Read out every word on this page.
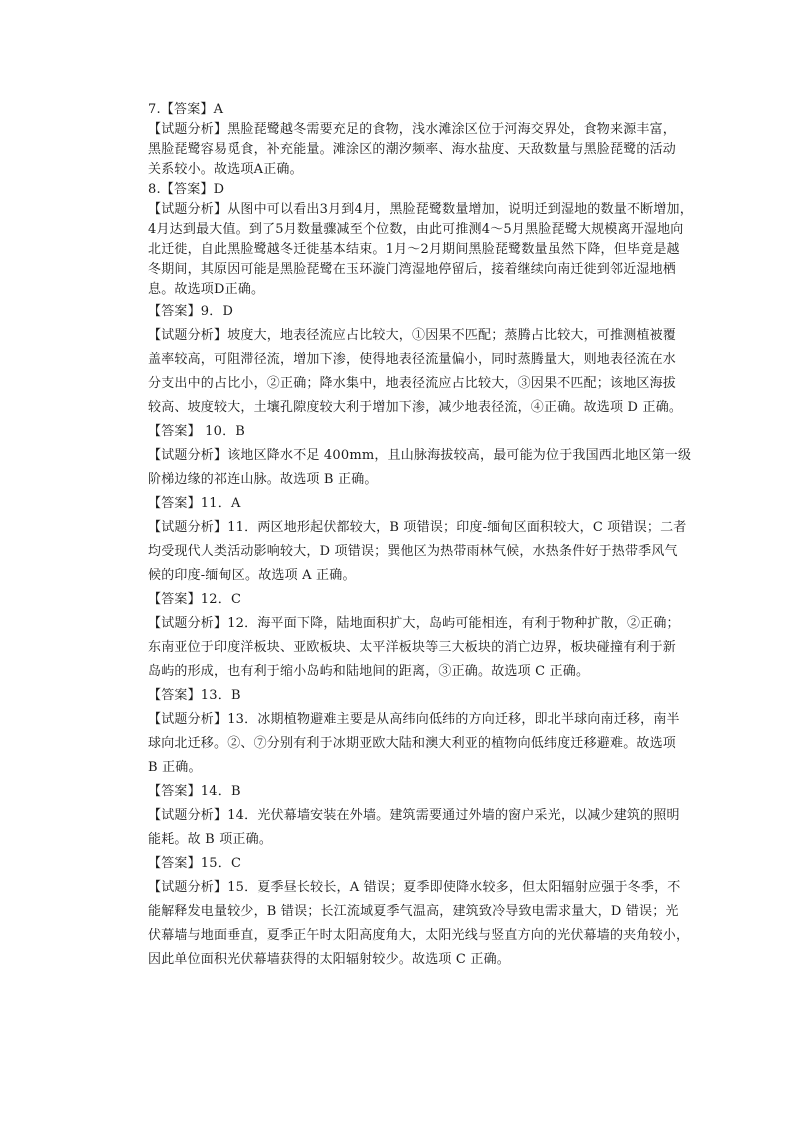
7.【答案】A
【试题分析】黑脸琵鹭越冬需要充足的食物，浅水滩涂区位于河海交界处，食物来源丰富，
黑脸琵鹭容易觅食，补充能量。滩涂区的潮汐频率、海水盐度、天敌数量与黑脸琵鹭的活动
关系较小。故选项A正确。
8.【答案】D
【试题分析】从图中可以看出3月到4月，黑脸琵鹭数量增加，说明迁到湿地的数量不断增加，
4月达到最大值。到了5月数量骤减至个位数，由此可推测4～5月黑脸琵鹭大规模离开湿地向
北迁徙，自此黑脸鹭越冬迁徙基本结束。1月～2月期间黑脸琵鹭数量虽然下降，但毕竟是越
冬期间，其原因可能是黑脸琵鹭在玉环漩门湾湿地停留后，接着继续向南迁徙到邻近湿地栖
息。故选项D正确。
【答案】9．D
【试题分析】坡度大，地表径流应占比较大，①因果不匹配；蒸腾占比较大，可推测植被覆
盖率较高，可阻滞径流，增加下渗，使得地表径流量偏小，同时蒸腾量大，则地表径流在水
分支出中的占比小，②正确；降水集中，地表径流应占比较大，③因果不匹配；该地区海拔
较高、坡度较大，土壤孔隙度较大利于增加下渗，减少地表径流，④正确。故选项 D 正确。
【答案】 10．B
【试题分析】该地区降水不足 400mm，且山脉海拔较高，最可能为位于我国西北地区第一级
阶梯边缘的祁连山脉。故选项 B 正确。
【答案】11．A
【试题分析】11．两区地形起伏都较大，B 项错误；印度-缅甸区面积较大，C 项错误；二者
均受现代人类活动影响较大，D 项错误；巽他区为热带雨林气候，水热条件好于热带季风气
候的印度-缅甸区。故选项 A 正确。
【答案】12．C
【试题分析】12．海平面下降，陆地面积扩大，岛屿可能相连，有利于物种扩散，②正确；
东南亚位于印度洋板块、亚欧板块、太平洋板块等三大板块的消亡边界，板块碰撞有利于新
岛屿的形成，也有利于缩小岛屿和陆地间的距离，③正确。故选项 C 正确。
【答案】13．B
【试题分析】13．冰期植物避难主要是从高纬向低纬的方向迁移，即北半球向南迁移，南半
球向北迁移。②、⑦分别有利于冰期亚欧大陆和澳大利亚的植物向低纬度迁移避难。故选项
B 正确。
【答案】14．B
【试题分析】14．光伏幕墙安装在外墙。建筑需要通过外墙的窗户采光，以减少建筑的照明
能耗。故 B 项正确。
【答案】15．C
【试题分析】15．夏季昼长较长，A 错误；夏季即使降水较多，但太阳辐射应强于冬季，不
能解释发电量较少，B 错误；长江流域夏季气温高，建筑致冷导致电需求量大，D 错误；光
伏幕墙与地面垂直，夏季正午时太阳高度角大，太阳光线与竖直方向的光伏幕墙的夹角较小，
因此单位面积光伏幕墙获得的太阳辐射较少。故选项 C 正确。
